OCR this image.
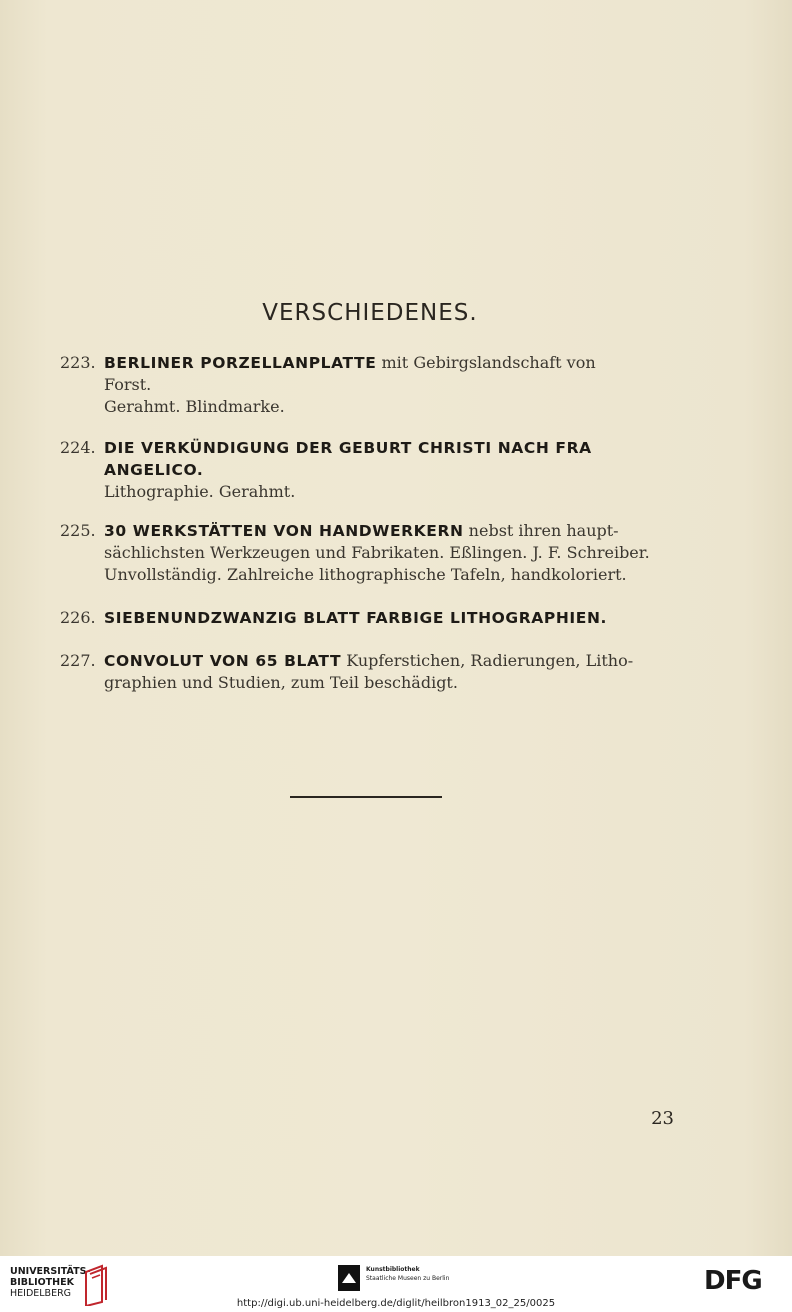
VERSCHIEDENES.
223. BERLINER PORZELLANPLATTE mit Gebirgslandschaft von
Forst.
Gerahmt. Blindmarke.
224. DIE VERKÜNDIGUNG DER GEBURT CHRISTI NACH FRA
ANGELICO.
Lithographie. Gerahmt.
225. 30 WERKSTÄTTEN VON HANDWERKERN nebst ihren haupt-
sächlichsten Werkzeugen und Fabrikaten. Eßlingen. J. F. Schreiber.
Unvollständig. Zahlreiche lithographische Tafeln, handkoloriert.
226. SIEBENUNDZWANZIG BLATT FARBIGE LITHOGRAPHIEN.
227. CONVOLUT VON 65 BLATT Kupferstichen, Radierungen, Litho-
graphien und Studien, zum Teil beschädigt.
23
UNIVERSITÄTS-
BIBLIOTHEK
HEIDELBERG
Kunstbibliothek
Staatliche Museen zu Berlin	DFG
http://digi.ub.uni-heidelberg.de/diglit/heilbron1913_02_25/0025
